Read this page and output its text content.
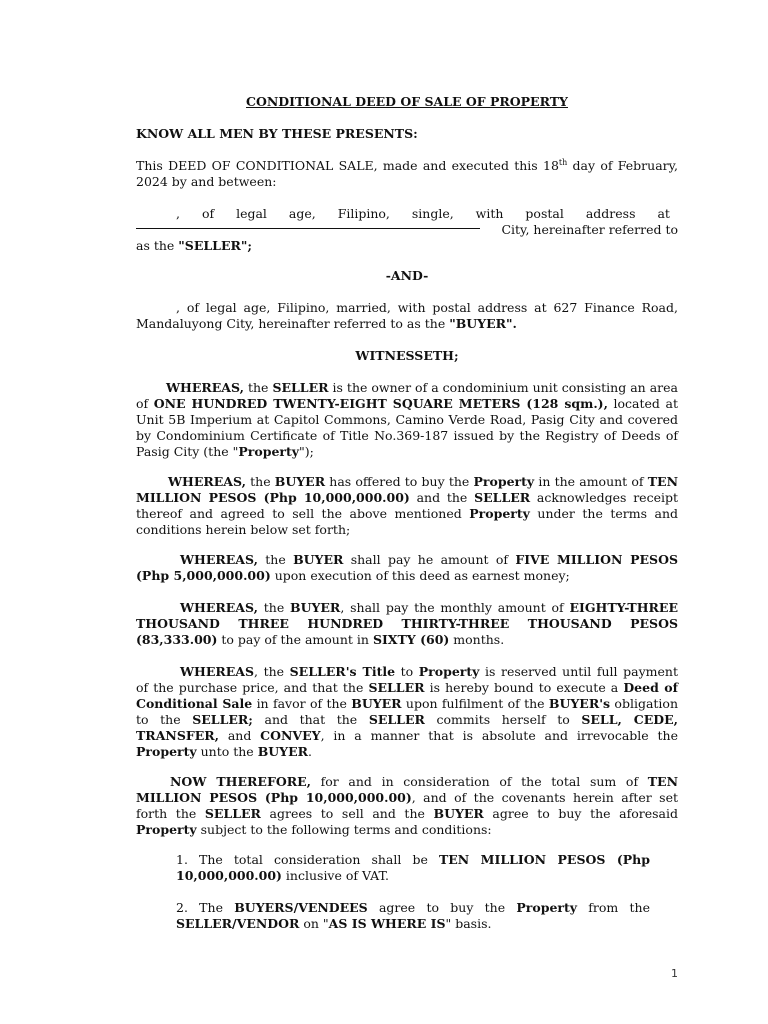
CONDITIONAL DEED OF SALE OF PROPERTY

KNOW ALL MEN BY THESE PRESENTS:

This DEED OF CONDITIONAL SALE, made and executed this 18th day of February, 2024 by and between:

, of legal age, Filipino, single, with postal address at

City, hereinafter referred to

as the "SELLER";

-AND-

, of legal age, Filipino, married, with postal address at 627 Finance Road, Mandaluyong City, hereinafter referred to as the "BUYER".

WITNESSETH;

WHEREAS, the SELLER is the owner of a condominium unit consisting an area of ONE HUNDRED TWENTY-EIGHT SQUARE METERS (128 sqm.), located at Unit 5B Imperium at Capitol Commons, Camino Verde Road, Pasig City and covered by Condominium Certificate of Title No.369-187 issued by the Registry of Deeds of Pasig City (the "Property");

WHEREAS, the BUYER has offered to buy the Property in the amount of TEN MILLION PESOS (Php 10,000,000.00) and the SELLER acknowledges receipt thereof and agreed to sell the above mentioned Property under the terms and conditions herein below set forth;

WHEREAS, the BUYER shall pay he amount of FIVE MILLION PESOS (Php 5,000,000.00) upon execution of this deed as earnest money;

WHEREAS, the BUYER, shall pay the monthly amount of EIGHTY-THREE THOUSAND THREE HUNDRED THIRTY-THREE THOUSAND PESOS (83,333.00) to pay of the amount in SIXTY (60) months.

WHEREAS, the SELLER's Title to Property is reserved until full payment of the purchase price, and that the SELLER is hereby bound to execute a Deed of Conditional Sale in favor of the BUYER upon fulfilment of the BUYER's obligation to the SELLER; and that the SELLER commits herself to SELL, CEDE, TRANSFER, and CONVEY, in a manner that is absolute and irrevocable the Property unto the BUYER.

NOW THEREFORE, for and in consideration of the total sum of TEN MILLION PESOS (Php 10,000,000.00), and of the covenants herein after set forth the SELLER agrees to sell and the BUYER agree to buy the aforesaid Property subject to the following terms and conditions:

1. The total consideration shall be TEN MILLION PESOS (Php 10,000,000.00) inclusive of VAT.

2. The BUYERS/VENDEES agree to buy the Property from the SELLER/VENDOR on "AS IS WHERE IS" basis.

1
